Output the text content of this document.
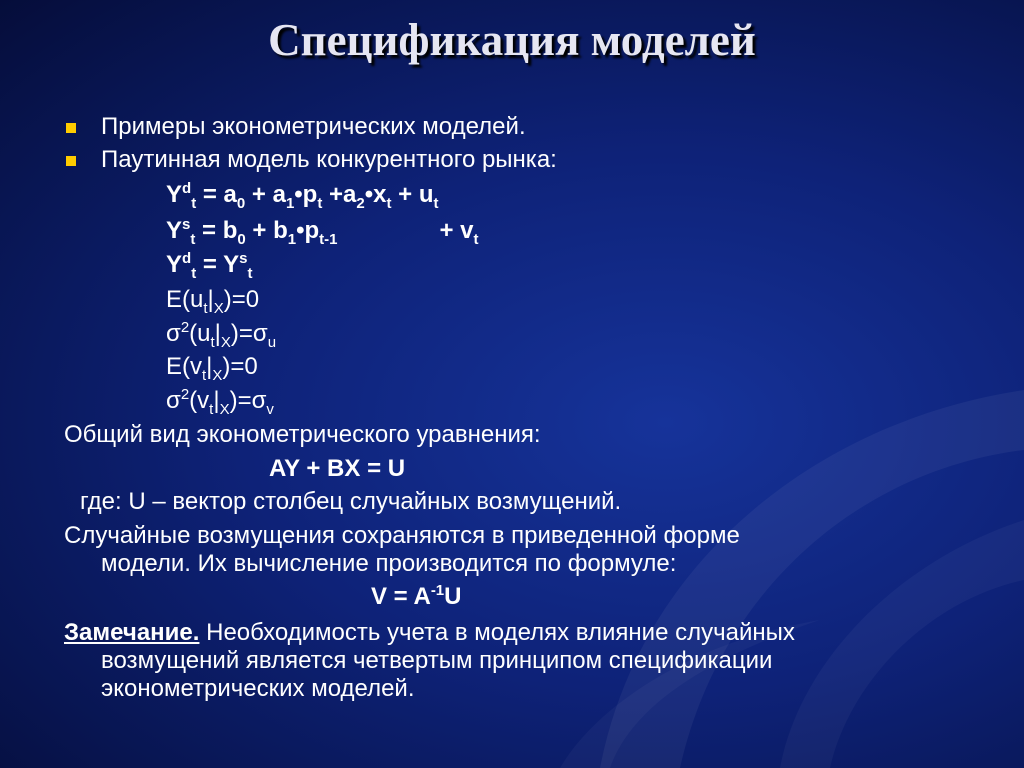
Спецификация моделей
Примеры эконометрических моделей.
Паутинная модель конкурентного рынка:
$Y^d_t = a_0$ + $a_1•p_t$ $+a_2•x_t + u_t$
$Y^s_t = b_0$ + $b_1•p_{t-1}$	+ $v_t$
$Y^d_t = Y^s_t$
$E(u_t|_X)=0$
$\sigma^2(u_t|_X)=\sigma_u$
$E(v_t|_X)=0$
$\sigma^2(v_t|_X)=\sigma_v$
Общий вид эконометрического уравнения:
AY + BX = U
где: U – вектор столбец случайных возмущений.
Случайные возмущения сохраняются в приведенной форме
модели. Их вычисление производится по формуле:
$V = A^{-1}U$
Замечание. Необходимость учета в моделях влияние случайных
возмущений является четвертым принципом спецификации
эконометрических моделей.
